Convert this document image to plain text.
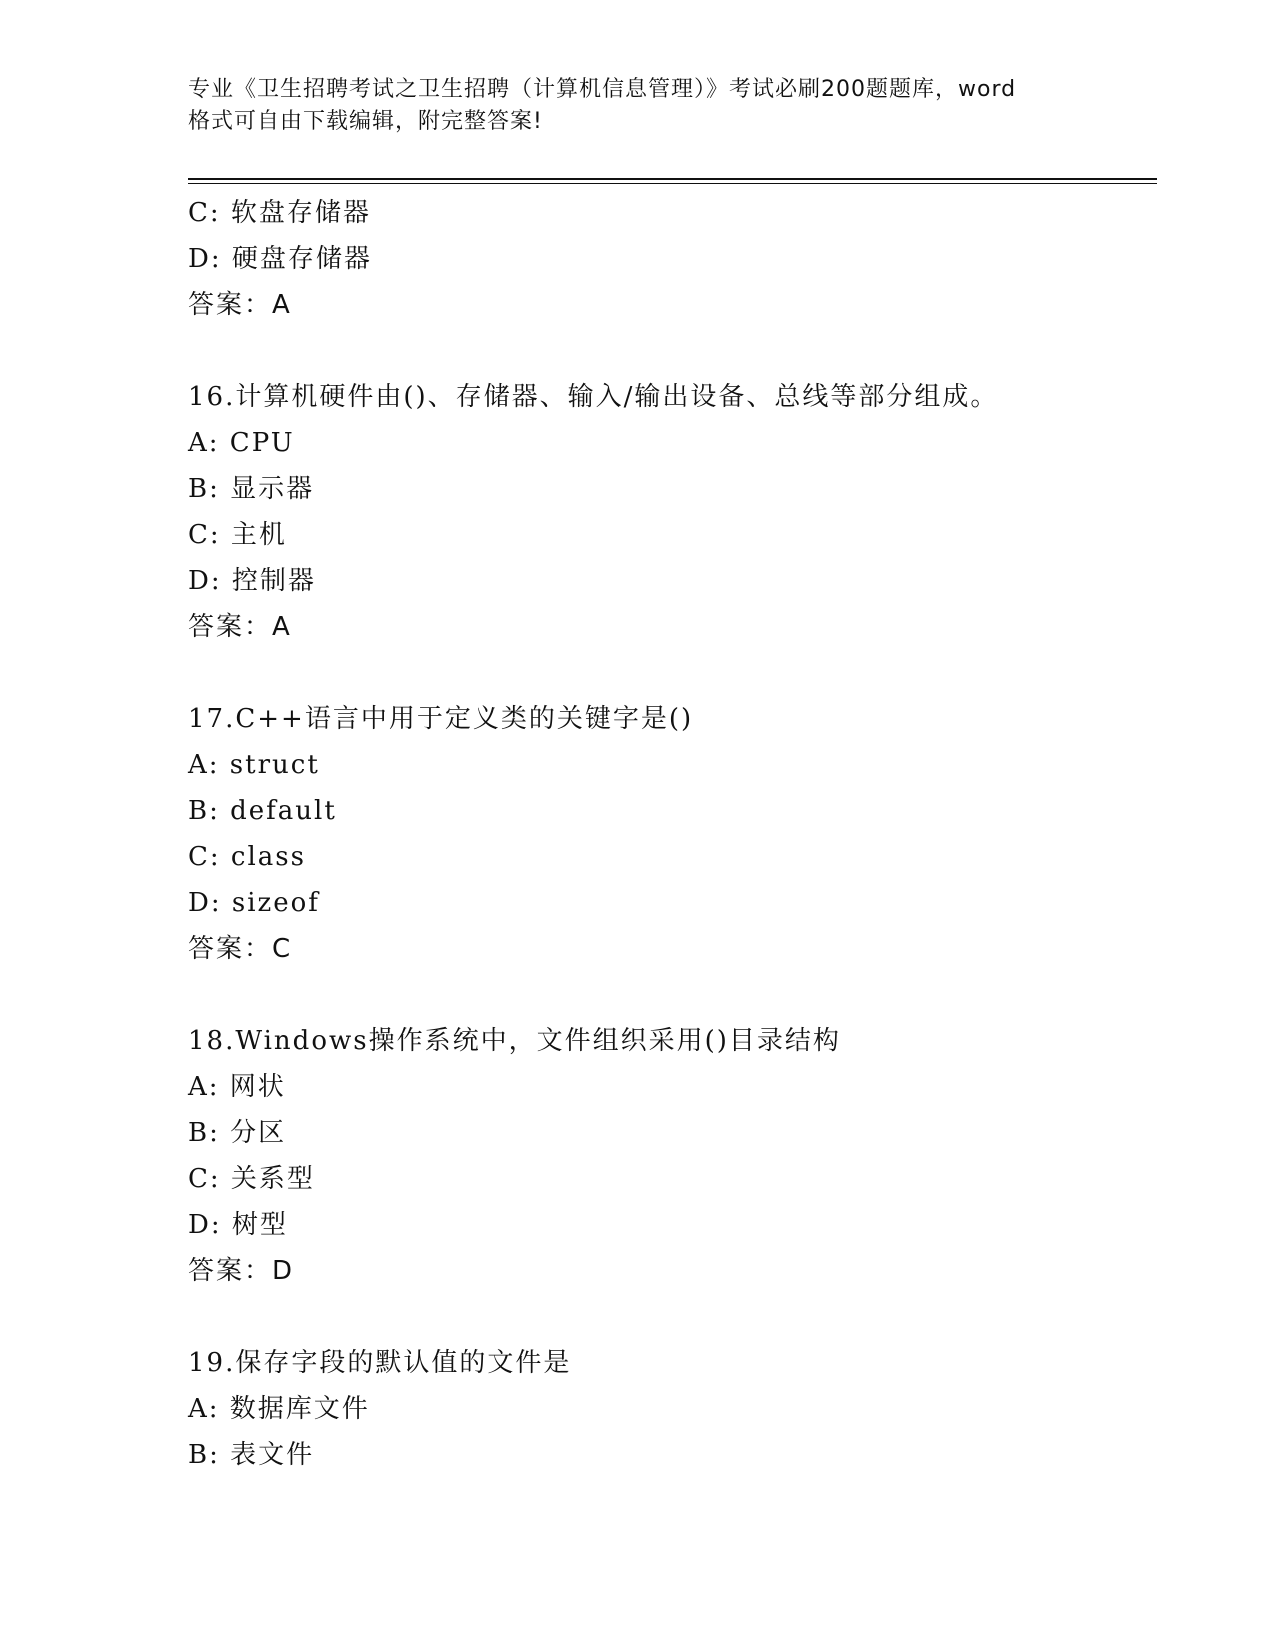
专业《卫生招聘考试之卫生招聘（计算机信息管理）》考试必刷200题题库，word
格式可自由下载编辑，附完整答案!
C: 软盘存储器
D: 硬盘存储器
答案：A
16.计算机硬件由()、存储器、输入/输出设备、总线等部分组成。
A: CPU
B: 显示器
C: 主机
D: 控制器
答案：A
17.C++语言中用于定义类的关键字是()
A: struct
B: default
C: class
D: sizeof
答案：C
18.Windows操作系统中，文件组织采用()目录结构
A: 网状
B: 分区
C: 关系型
D: 树型
答案：D
19.保存字段的默认值的文件是
A: 数据库文件
B: 表文件
